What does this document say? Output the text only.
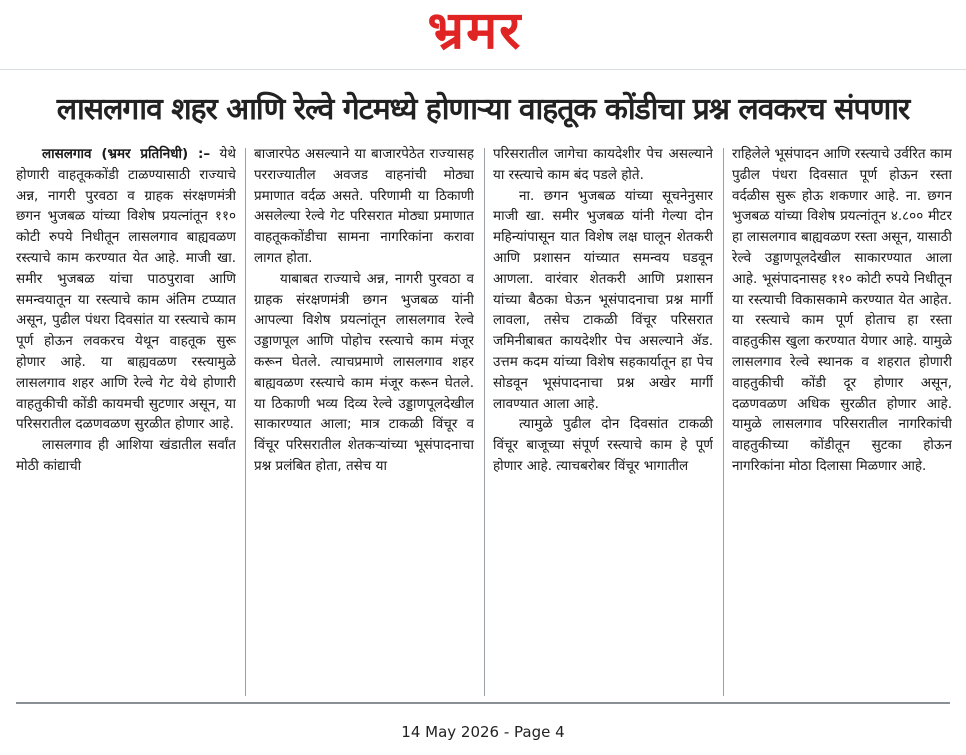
भ्रमर
लासलगाव शहर आणि रेल्वे गेटमध्ये होणाऱ्या वाहतूक कोंडीचा प्रश्न लवकरच संपणार

लासलगाव (भ्रमर प्रतिनिधी) :– येथे होणारी वाहतूककोंडी टाळण्यासाठी राज्याचे अन्न, नागरी पुरवठा व ग्राहक संरक्षणमंत्री छगन भुजबळ यांच्या विशेष प्रयत्नांतून ११० कोटी रुपये निधीतून लासलगाव बाह्यवळण रस्त्याचे काम करण्यात येत आहे. माजी खा. समीर भुजबळ यांचा पाठपुरावा आणि समन्वयातून या रस्त्याचे काम अंतिम टप्प्यात असून, पुढील पंधरा दिवसांत या रस्त्याचे काम पूर्ण होऊन लवकरच येथून वाहतूक सुरू होणार आहे. या बाह्यवळण रस्त्यामुळे लासलगाव शहर आणि रेल्वे गेट येथे होणारी वाहतुकीची कोंडी कायमची सुटणार असून, या परिसरातील दळणवळण सुरळीत होणार आहे.

लासलगाव ही आशिया खंडातील सर्वांत मोठी कांद्याची

बाजारपेठ असल्याने या बाजारपेठेत राज्यासह परराज्यातील अवजड वाहनांची मोठ्या प्रमाणात वर्दळ असते. परिणामी या ठिकाणी असलेल्या रेल्वे गेट परिसरात मोठ्या प्रमाणात वाहतूककोंडीचा सामना नागरिकांना करावा लागत होता.

याबाबत राज्याचे अन्न, नागरी पुरवठा व ग्राहक संरक्षणमंत्री छगन भुजबळ यांनी आपल्या विशेष प्रयत्नांतून लासलगाव रेल्वे उड्डाणपूल आणि पोहोच रस्त्याचे काम मंजूर करून घेतले. त्याचप्रमाणे लासलगाव शहर बाह्यवळण रस्त्याचे काम मंजूर करून घेतले. या ठिकाणी भव्य दिव्य रेल्वे उड्डाणपूलदेखील साकारण्यात आला; मात्र टाकळी विंचूर व विंचूर परिसरातील शेतकऱ्यांच्या भूसंपादनाचा प्रश्न प्रलंबित होता, तसेच या

परिसरातील जागेचा कायदेशीर पेच असल्याने या रस्त्याचे काम बंद पडले होते.

ना. छगन भुजबळ यांच्या सूचनेनुसार माजी खा. समीर भुजबळ यांनी गेल्या दोन महिन्यांपासून यात विशेष लक्ष घालून शेतकरी आणि प्रशासन यांच्यात समन्वय घडवून आणला. वारंवार शेतकरी आणि प्रशासन यांच्या बैठका घेऊन भूसंपादनाचा प्रश्न मार्गी लावला, तसेच टाकळी विंचूर परिसरात जमिनीबाबत कायदेशीर पेच असल्याने ॲड. उत्तम कदम यांच्या विशेष सहकार्यातून हा पेच सोडवून भूसंपादनाचा प्रश्न अखेर मार्गी लावण्यात आला आहे.

त्यामुळे पुढील दोन दिवसांत टाकळी विंचूर बाजूच्या संपूर्ण रस्त्याचे काम हे पूर्ण होणार आहे. त्याचबरोबर विंचूर भागातील

राहिलेले भूसंपादन आणि रस्त्याचे उर्वरित काम पुढील पंधरा दिवसात पूर्ण होऊन रस्ता वर्दळीस सुरू होऊ शकणार आहे. ना. छगन भुजबळ यांच्या विशेष प्रयत्नांतून ४.८०० मीटर हा लासलगाव बाह्यवळण रस्ता असून, यासाठी रेल्वे उड्डाणपूलदेखील साकारण्यात आला आहे. भूसंपादनासह ११० कोटी रुपये निधीतून या रस्त्याची विकासकामे करण्यात येत आहेत. या रस्त्याचे काम पूर्ण होताच हा रस्ता वाहतुकीस खुला करण्यात येणार आहे. यामुळे लासलगाव रेल्वे स्थानक व शहरात होणारी वाहतुकीची कोंडी दूर होणार असून, दळणवळण अधिक सुरळीत होणार आहे. यामुळे लासलगाव परिसरातील नागरिकांची वाहतुकीच्या कोंडीतून सुटका होऊन नागरिकांना मोठा दिलासा मिळणार आहे.

14 May 2026 - Page 4
